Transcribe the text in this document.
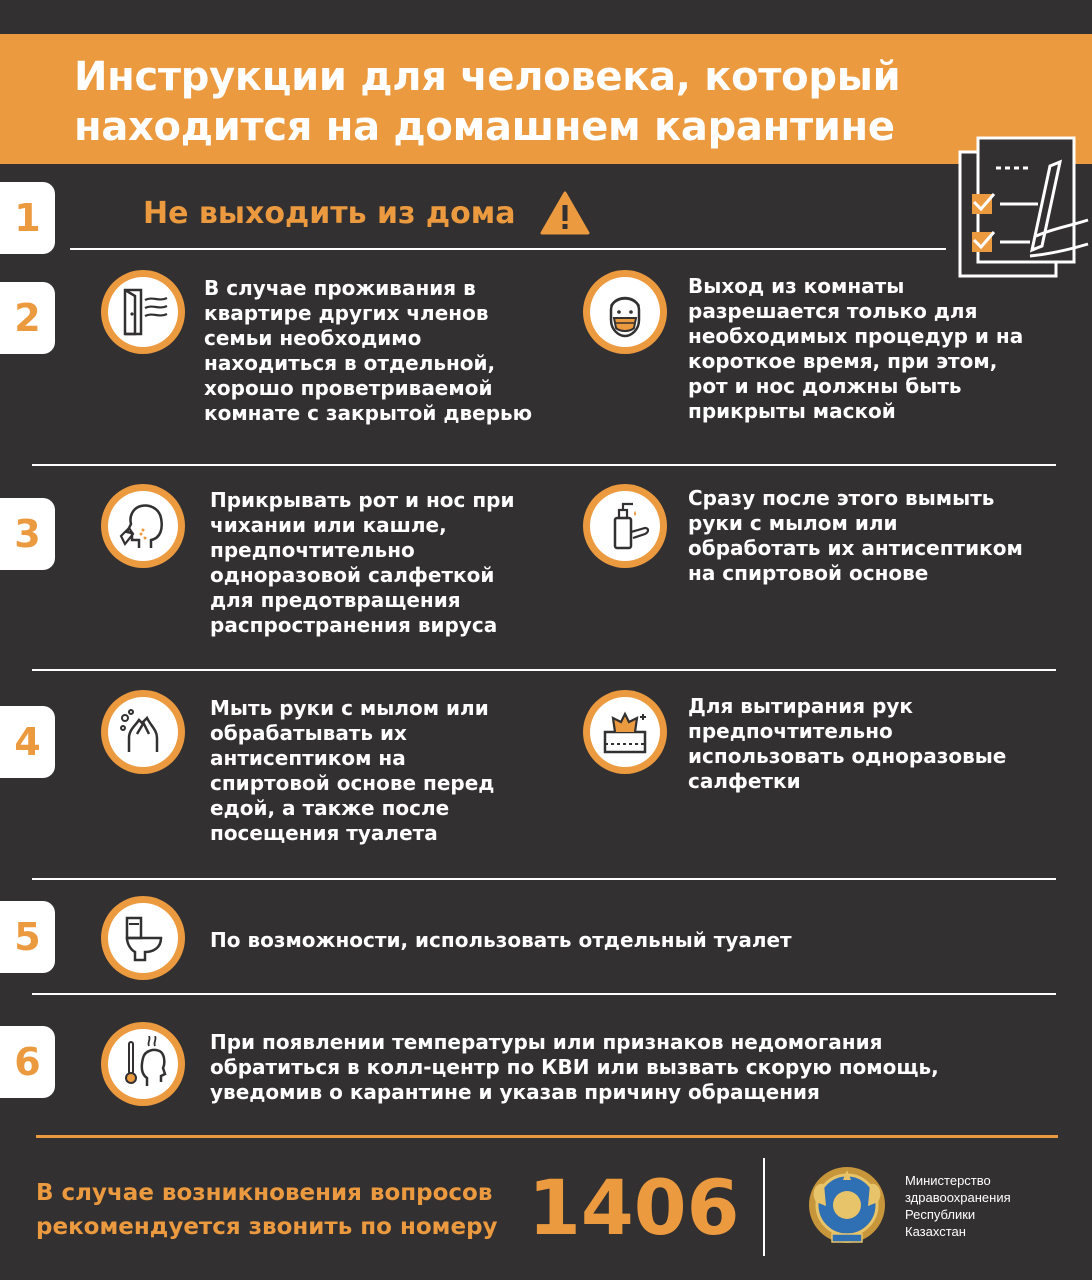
Инструкции для человека, который
находится на домашнем карантине
1	Не выходить из дома
2
В случае проживания в
квартире других членов
семьи необходимо
находиться в отдельной,
хорошо проветриваемой
комнате с закрытой дверью
Выход из комнаты
разрешается только для
необходимых процедур и на
короткое время, при этом,
рот и нос должны быть
прикрыты маской
3
Прикрывать рот и нос при
чихании или кашле,
предпочтительно
одноразовой салфеткой
для предотвращения
распространения вируса
Сразу после этого вымыть
руки с мылом или
обработать их антисептиком
на спиртовой основе
4
Мыть руки с мылом или
обрабатывать их
антисептиком на
спиртовой основе перед
едой, а также после
посещения туалета
Для вытирания рук
предпочтительно
использовать одноразовые
салфетки
5	По возможности, использовать отдельный туалет
6	При появлении температуры или признаков недомогания
обратиться в колл-центр по КВИ или вызвать скорую помощь,
уведомив о карантине и указав причину обращения
В случае возникновения вопросов
рекомендуется звонить по номеру 1406	Министерство
здравоохранения
Республики
Казахстан
